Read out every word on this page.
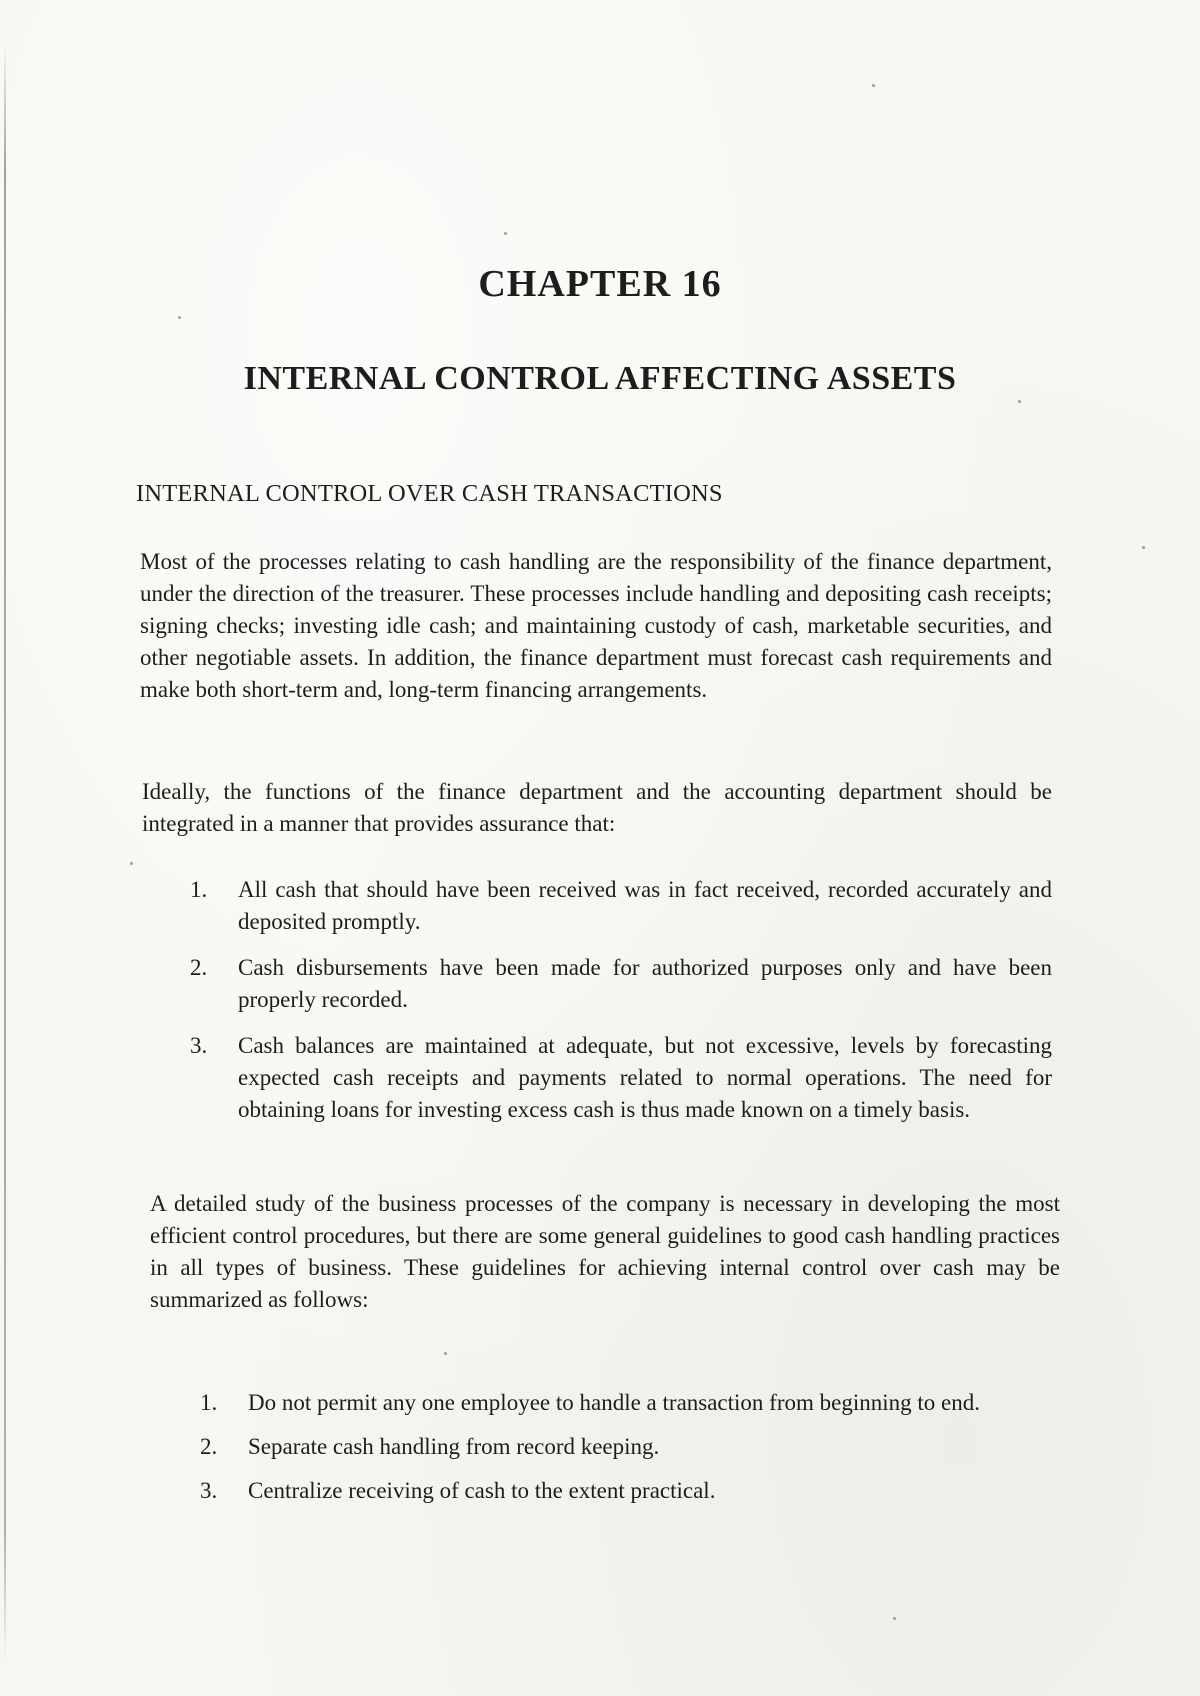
CHAPTER 16
INTERNAL CONTROL AFFECTING ASSETS
INTERNAL CONTROL OVER CASH TRANSACTIONS

Most of the processes relating to cash handling are the responsibility of the finance department, under the direction of the treasurer. These processes include handling and depositing cash receipts; signing checks; investing idle cash; and maintaining custody of cash, marketable securities, and other negotiable assets. In addition, the finance department must forecast cash requirements and make both short-term and, long-term financing arrangements.

Ideally, the functions of the finance department and the accounting department should be integrated in a manner that provides assurance that:

1. All cash that should have been received was in fact received, recorded accurately and deposited promptly.
2. Cash disbursements have been made for authorized purposes only and have been properly recorded.
3. Cash balances are maintained at adequate, but not excessive, levels by forecasting expected cash receipts and payments related to normal operations. The need for obtaining loans for investing excess cash is thus made known on a timely basis.

A detailed study of the business processes of the company is necessary in developing the most efficient control procedures, but there are some general guidelines to good cash handling practices in all types of business. These guidelines for achieving internal control over cash may be summarized as follows:

1. Do not permit any one employee to handle a transaction from beginning to end.
2. Separate cash handling from record keeping.
3. Centralize receiving of cash to the extent practical.
